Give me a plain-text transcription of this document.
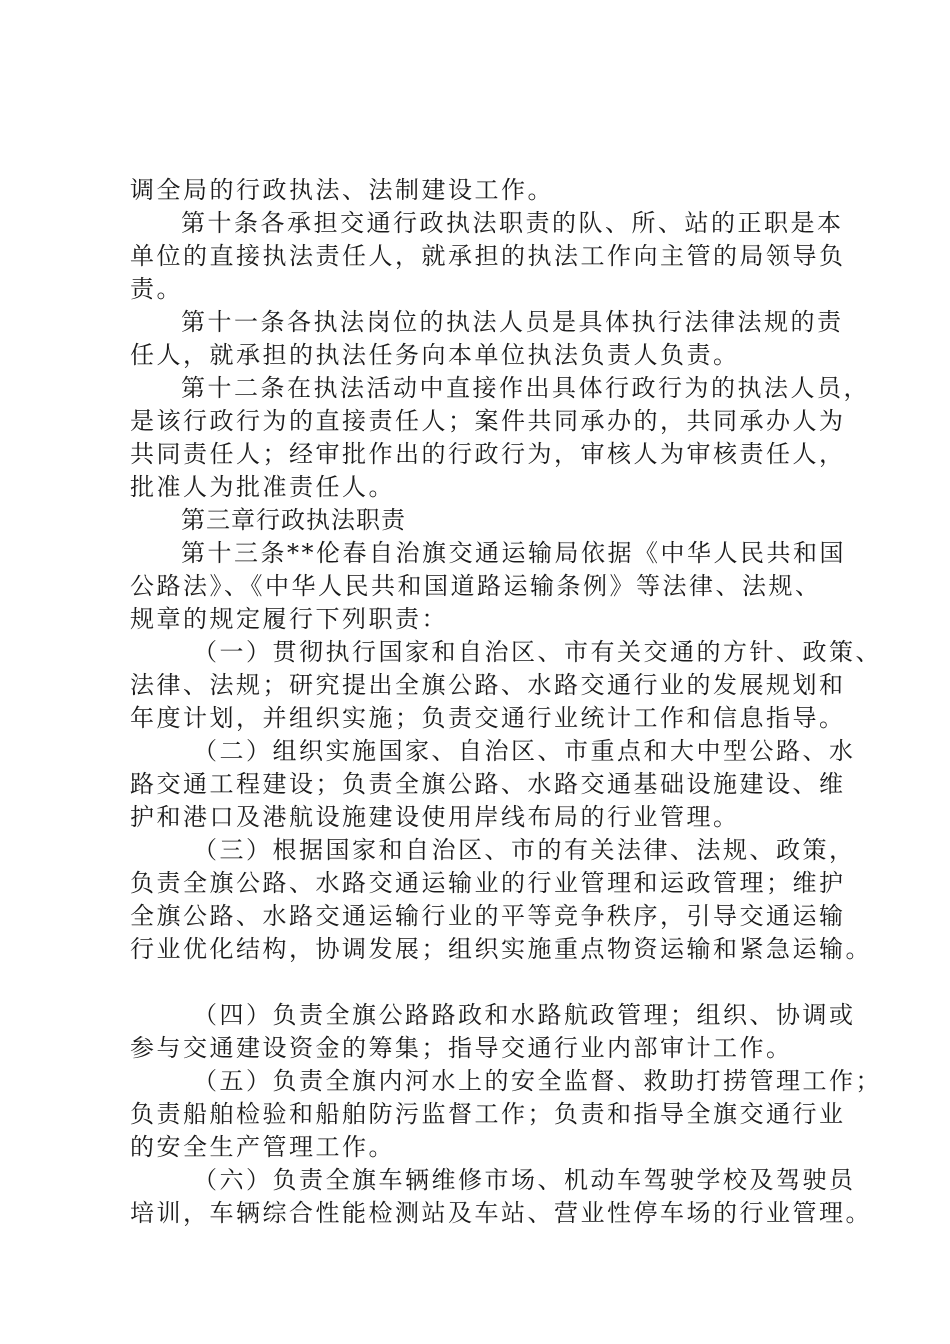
调全局的行政执法、法制建设工作。
第十条各承担交通行政执法职责的队、所、站的正职是本
单位的直接执法责任人，就承担的执法工作向主管的局领导负
责。
第十一条各执法岗位的执法人员是具体执行法律法规的责
任人，就承担的执法任务向本单位执法负责人负责。
第十二条在执法活动中直接作出具体行政行为的执法人员，
是该行政行为的直接责任人；案件共同承办的，共同承办人为
共同责任人；经审批作出的行政行为，审核人为审核责任人，
批准人为批准责任人。
第三章行政执法职责
第十三条**伦春自治旗交通运输局依据《中华人民共和国
公路法》、《中华人民共和国道路运输条例》等法律、法规、
规章的规定履行下列职责：
（一）贯彻执行国家和自治区、市有关交通的方针、政策、
法律、法规；研究提出全旗公路、水路交通行业的发展规划和
年度计划，并组织实施；负责交通行业统计工作和信息指导。
（二）组织实施国家、自治区、市重点和大中型公路、水
路交通工程建设；负责全旗公路、水路交通基础设施建设、维
护和港口及港航设施建设使用岸线布局的行业管理。
（三）根据国家和自治区、市的有关法律、法规、政策，
负责全旗公路、水路交通运输业的行业管理和运政管理；维护
全旗公路、水路交通运输行业的平等竞争秩序，引导交通运输
行业优化结构，协调发展；组织实施重点物资运输和紧急运输。
（四）负责全旗公路路政和水路航政管理；组织、协调或
参与交通建设资金的筹集；指导交通行业内部审计工作。
（五）负责全旗内河水上的安全监督、救助打捞管理工作；
负责船舶检验和船舶防污监督工作；负责和指导全旗交通行业
的安全生产管理工作。
（六）负责全旗车辆维修市场、机动车驾驶学校及驾驶员
培训，车辆综合性能检测站及车站、营业性停车场的行业管理。
